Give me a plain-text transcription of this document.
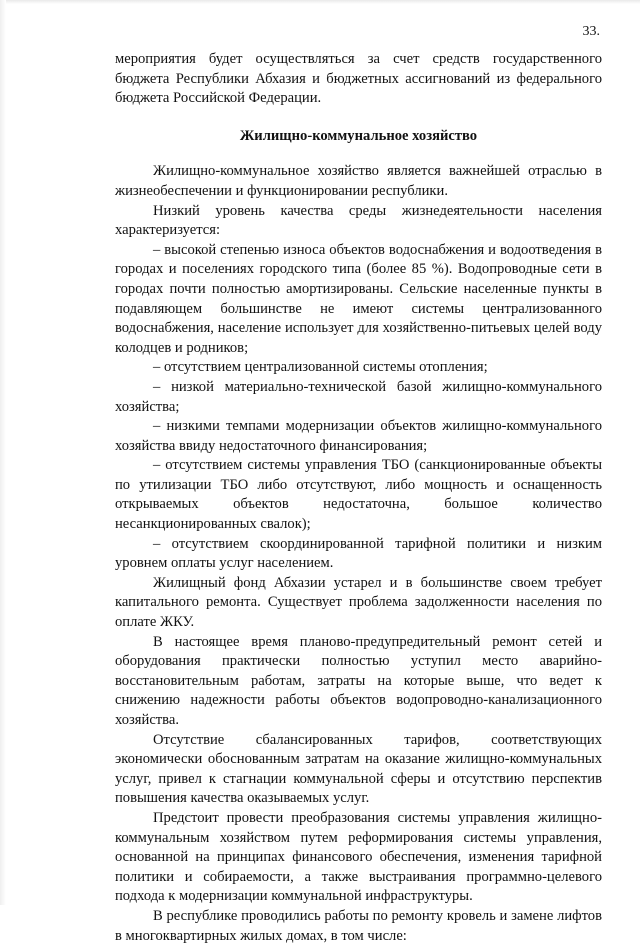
33.

мероприятия будет осуществляться за счет средств государственного бюджета Республики Абхазия и бюджетных ассигнований из федерального бюджета Российской Федерации.

Жилищно-коммунальное хозяйство

Жилищно-коммунальное хозяйство является важнейшей отраслью в жизнеобеспечении и функционировании республики.

Низкий уровень качества среды жизнедеятельности населения характеризуется:

– высокой степенью износа объектов водоснабжения и водоотведения в городах и поселениях городского типа (более 85 %). Водопроводные сети в городах почти полностью амортизированы. Сельские населенные пункты в подавляющем большинстве не имеют системы централизованного водоснабжения, население использует для хозяйственно-питьевых целей воду колодцев и родников;

– отсутствием централизованной системы отопления;

– низкой материально-технической базой жилищно-коммунального хозяйства;

– низкими темпами модернизации объектов жилищно-коммунального хозяйства ввиду недостаточного финансирования;

– отсутствием системы управления ТБО (санкционированные объекты по утилизации ТБО либо отсутствуют, либо мощность и оснащенность открываемых объектов недостаточна, большое количество несанкционированных свалок);

– отсутствием скоординированной тарифной политики и низким уровнем оплаты услуг населением.

Жилищный фонд Абхазии устарел и в большинстве своем требует капитального ремонта. Существует проблема задолженности населения по оплате ЖКУ.

В настоящее время планово-предупредительный ремонт сетей и оборудования практически полностью уступил место аварийно-восстановительным работам, затраты на которые выше, что ведет к снижению надежности работы объектов водопроводно-канализационного хозяйства.

Отсутствие сбалансированных тарифов, соответствующих экономически обоснованным затратам на оказание жилищно-коммунальных услуг, привел к стагнации коммунальной сферы и отсутствию перспектив повышения качества оказываемых услуг.

Предстоит провести преобразования системы управления жилищно-коммунальным хозяйством путем реформирования системы управления, основанной на принципах финансового обеспечения, изменения тарифной политики и собираемости, а также выстраивания программно-целевого подхода к модернизации коммунальной инфраструктуры.

В республике проводились работы по ремонту кровель и замене лифтов в многоквартирных жилых домах, в том числе:
